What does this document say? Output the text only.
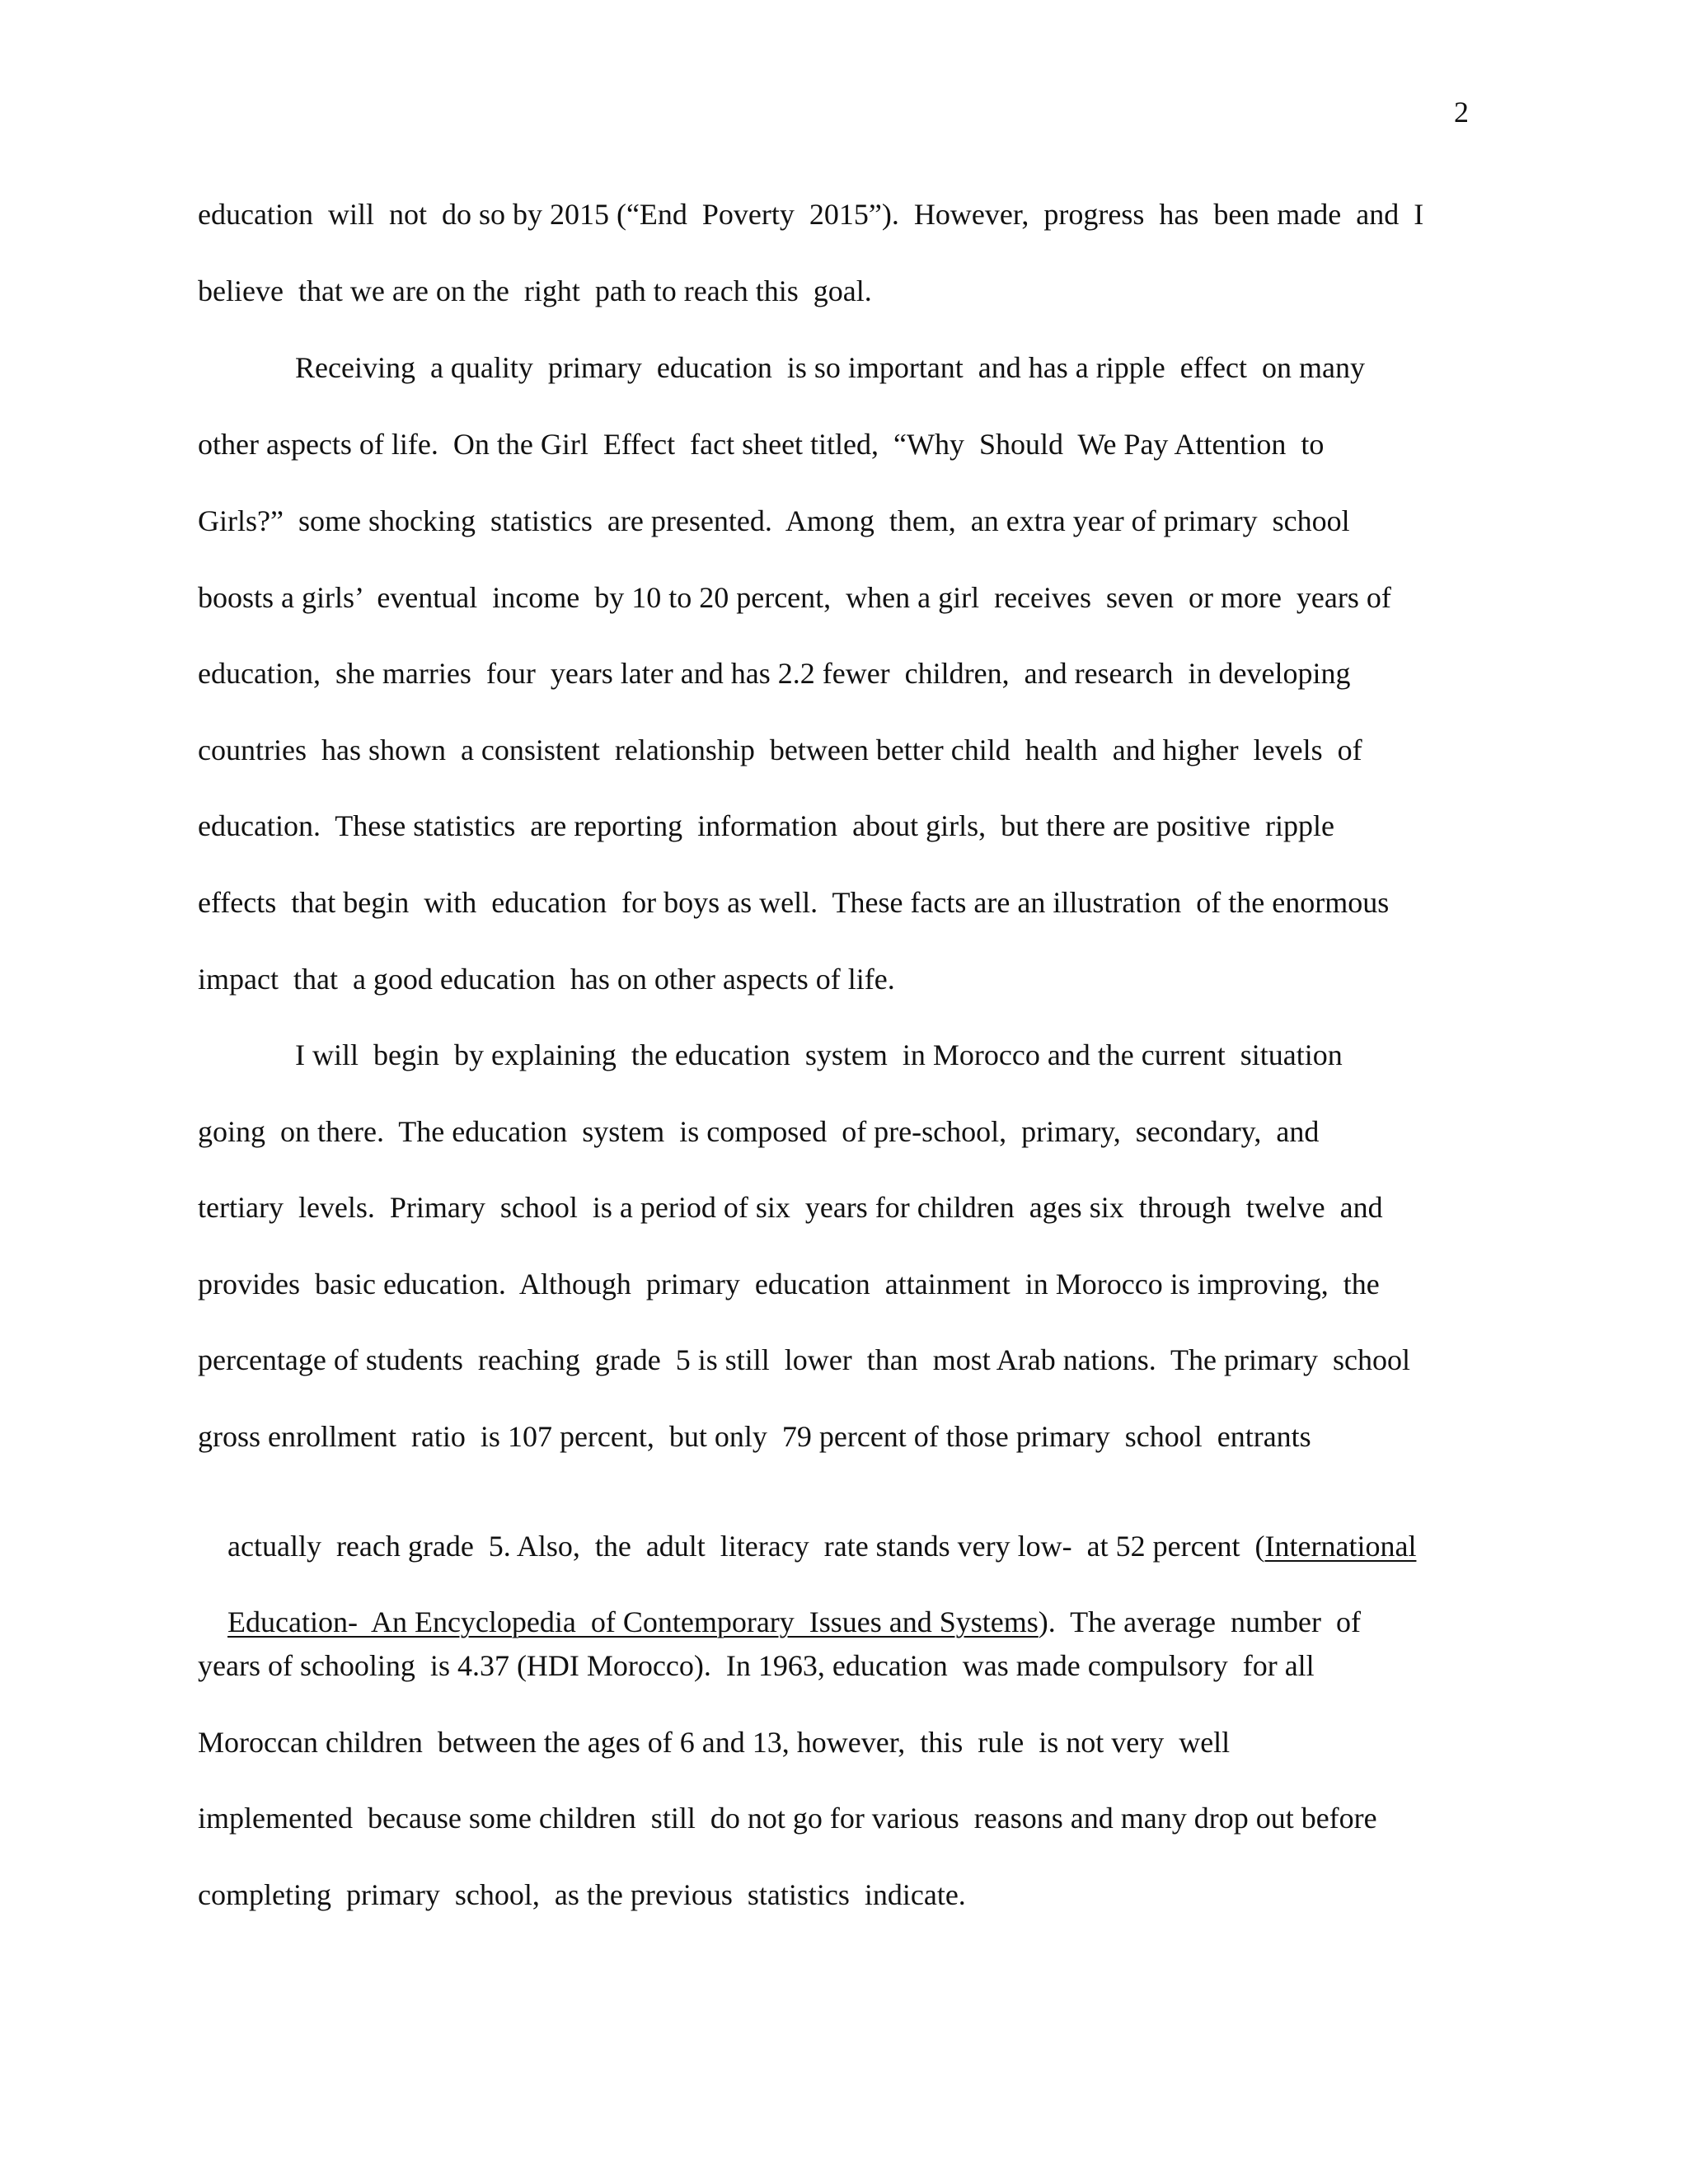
2
education  will  not  do so by 2015 (“End  Poverty  2015”).  However,  progress  has  been made  and  I
believe  that we are on the  right  path to reach this  goal.
Receiving  a quality  primary  education  is so important  and has a ripple  effect  on many
other aspects of life.  On the Girl  Effect  fact sheet titled,  “Why  Should  We Pay Attention  to
Girls?”  some shocking  statistics  are presented.  Among  them,  an extra year of primary  school
boosts a girls’  eventual  income  by 10 to 20 percent,  when a girl  receives  seven  or more  years of
education,  she marries  four  years later and has 2.2 fewer  children,  and research  in developing
countries  has shown  a consistent  relationship  between better child  health  and higher  levels  of
education.  These statistics  are reporting  information  about girls,  but there are positive  ripple
effects  that begin  with  education  for boys as well.  These facts are an illustration  of the enormous
impact  that  a good education  has on other aspects of life.
I will  begin  by explaining  the education  system  in Morocco and the current  situation
going  on there.  The education  system  is composed  of pre-school,  primary,  secondary,  and
tertiary  levels.  Primary  school  is a period of six  years for children  ages six  through  twelve  and
provides  basic education.  Although  primary  education  attainment  in Morocco is improving,  the
percentage of students  reaching  grade  5 is still  lower  than  most Arab nations.  The primary  school
gross enrollment  ratio  is 107 percent,  but only  79 percent of those primary  school  entrants

actually  reach grade  5. Also,  the  adult  literacy  rate stands very low-  at 52 percent  (International

Education-  An Encyclopedia  of Contemporary  Issues and Systems).  The average  number  of

years of schooling  is 4.37 (HDI Morocco).  In 1963, education  was made compulsory  for all
Moroccan children  between the ages of 6 and 13, however,  this  rule  is not very  well
implemented  because some children  still  do not go for various  reasons and many drop out before
completing  primary  school,  as the previous  statistics  indicate.
